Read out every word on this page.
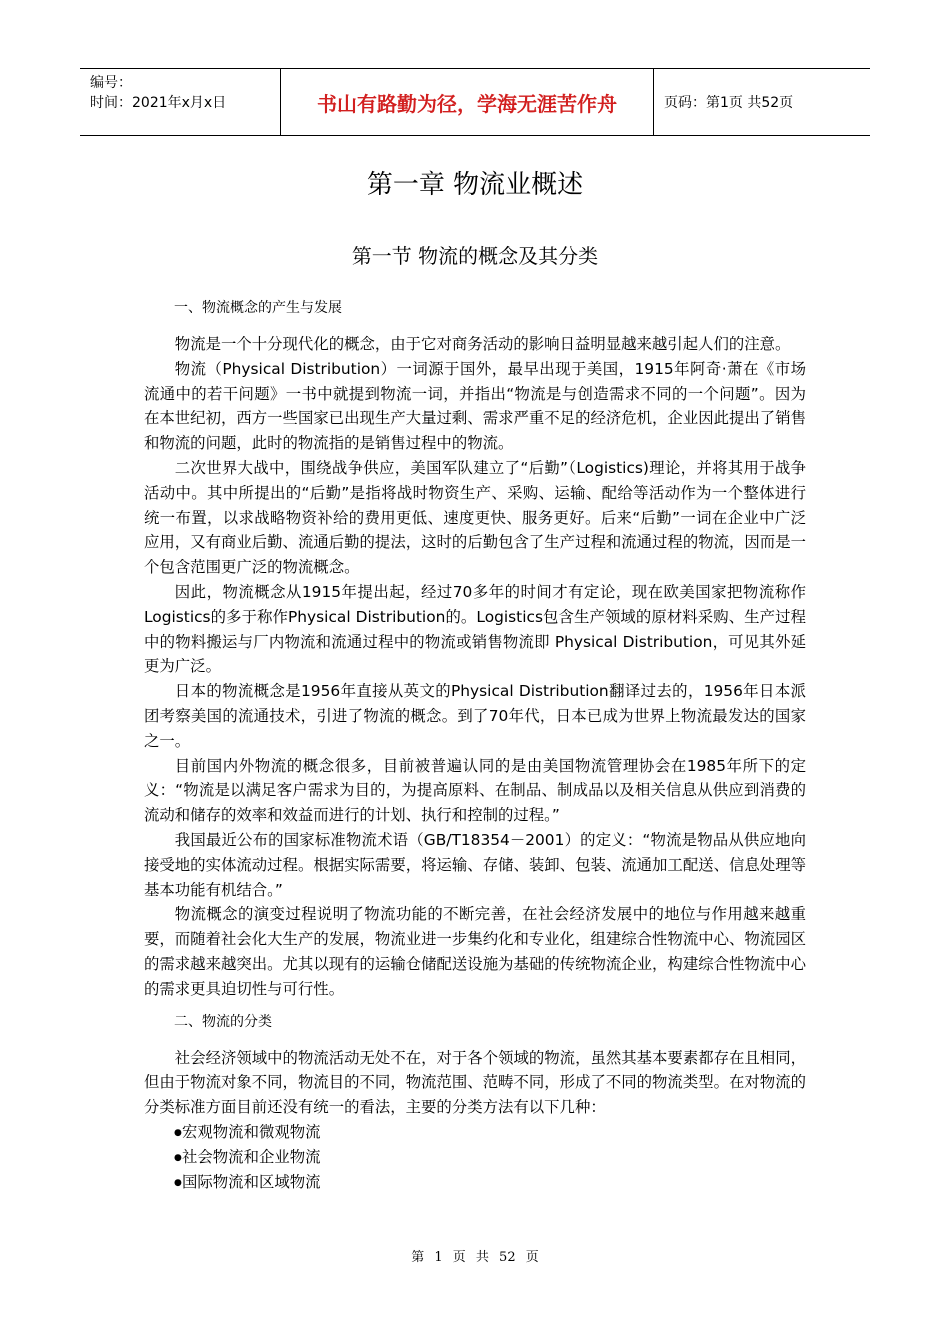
编号：
时间：2021年x月x日	书山有路勤为径，学海无涯苦作舟	页码：第1页 共52页
第一章 物流业概述
第一节 物流的概念及其分类
一、物流概念的产生与发展

物流是一个十分现代化的概念，由于它对商务活动的影响日益明显越来越引起人们的注意。

物流（Physical Distribution）一词源于国外，最早出现于美国，1915年阿奇·萧在《市场流通中的若干问题》一书中就提到物流一词，并指出“物流是与创造需求不同的一个问题”。因为在本世纪初，西方一些国家已出现生产大量过剩、需求严重不足的经济危机，企业因此提出了销售和物流的问题，此时的物流指的是销售过程中的物流。

二次世界大战中，围绕战争供应，美国军队建立了“后勤”（Logistics)理论，并将其用于战争活动中。其中所提出的“后勤”是指将战时物资生产、采购、运输、配给等活动作为一个整体进行统一布置，以求战略物资补给的费用更低、速度更快、服务更好。后来“后勤”一词在企业中广泛应用，又有商业后勤、流通后勤的提法，这时的后勤包含了生产过程和流通过程的物流，因而是一个包含范围更广泛的物流概念。

因此，物流概念从1915年提出起，经过70多年的时间才有定论，现在欧美国家把物流称作Logistics的多于称作Physical Distribution的。Logistics包含生产领域的原材料采购、生产过程中的物料搬运与厂内物流和流通过程中的物流或销售物流即 Physical Distribution，可见其外延更为广泛。

日本的物流概念是1956年直接从英文的Physical Distribution翻译过去的，1956年日本派团考察美国的流通技术，引进了物流的概念。到了70年代，日本已成为世界上物流最发达的国家之一。

目前国内外物流的概念很多，目前被普遍认同的是由美国物流管理协会在1985年所下的定义：“物流是以满足客户需求为目的，为提高原料、在制品、制成品以及相关信息从供应到消费的流动和储存的效率和效益而进行的计划、执行和控制的过程。”

我国最近公布的国家标准物流术语（GB/T18354－2001）的定义：“物流是物品从供应地向接受地的实体流动过程。根据实际需要，将运输、存储、装卸、包装、流通加工配送、信息处理等基本功能有机结合。”

物流概念的演变过程说明了物流功能的不断完善，在社会经济发展中的地位与作用越来越重要，而随着社会化大生产的发展，物流业进一步集约化和专业化，组建综合性物流中心、物流园区的需求越来越突出。尤其以现有的运输仓储配送设施为基础的传统物流企业，构建综合性物流中心的需求更具迫切性与可行性。

二、物流的分类

社会经济领域中的物流活动无处不在，对于各个领域的物流，虽然其基本要素都存在且相同，但由于物流对象不同，物流目的不同，物流范围、范畴不同，形成了不同的物流类型。在对物流的分类标准方面目前还没有统一的看法，主要的分类方法有以下几种：

● 宏观物流和微观物流
● 社会物流和企业物流
● 国际物流和区域物流
第 1 页 共 52 页
